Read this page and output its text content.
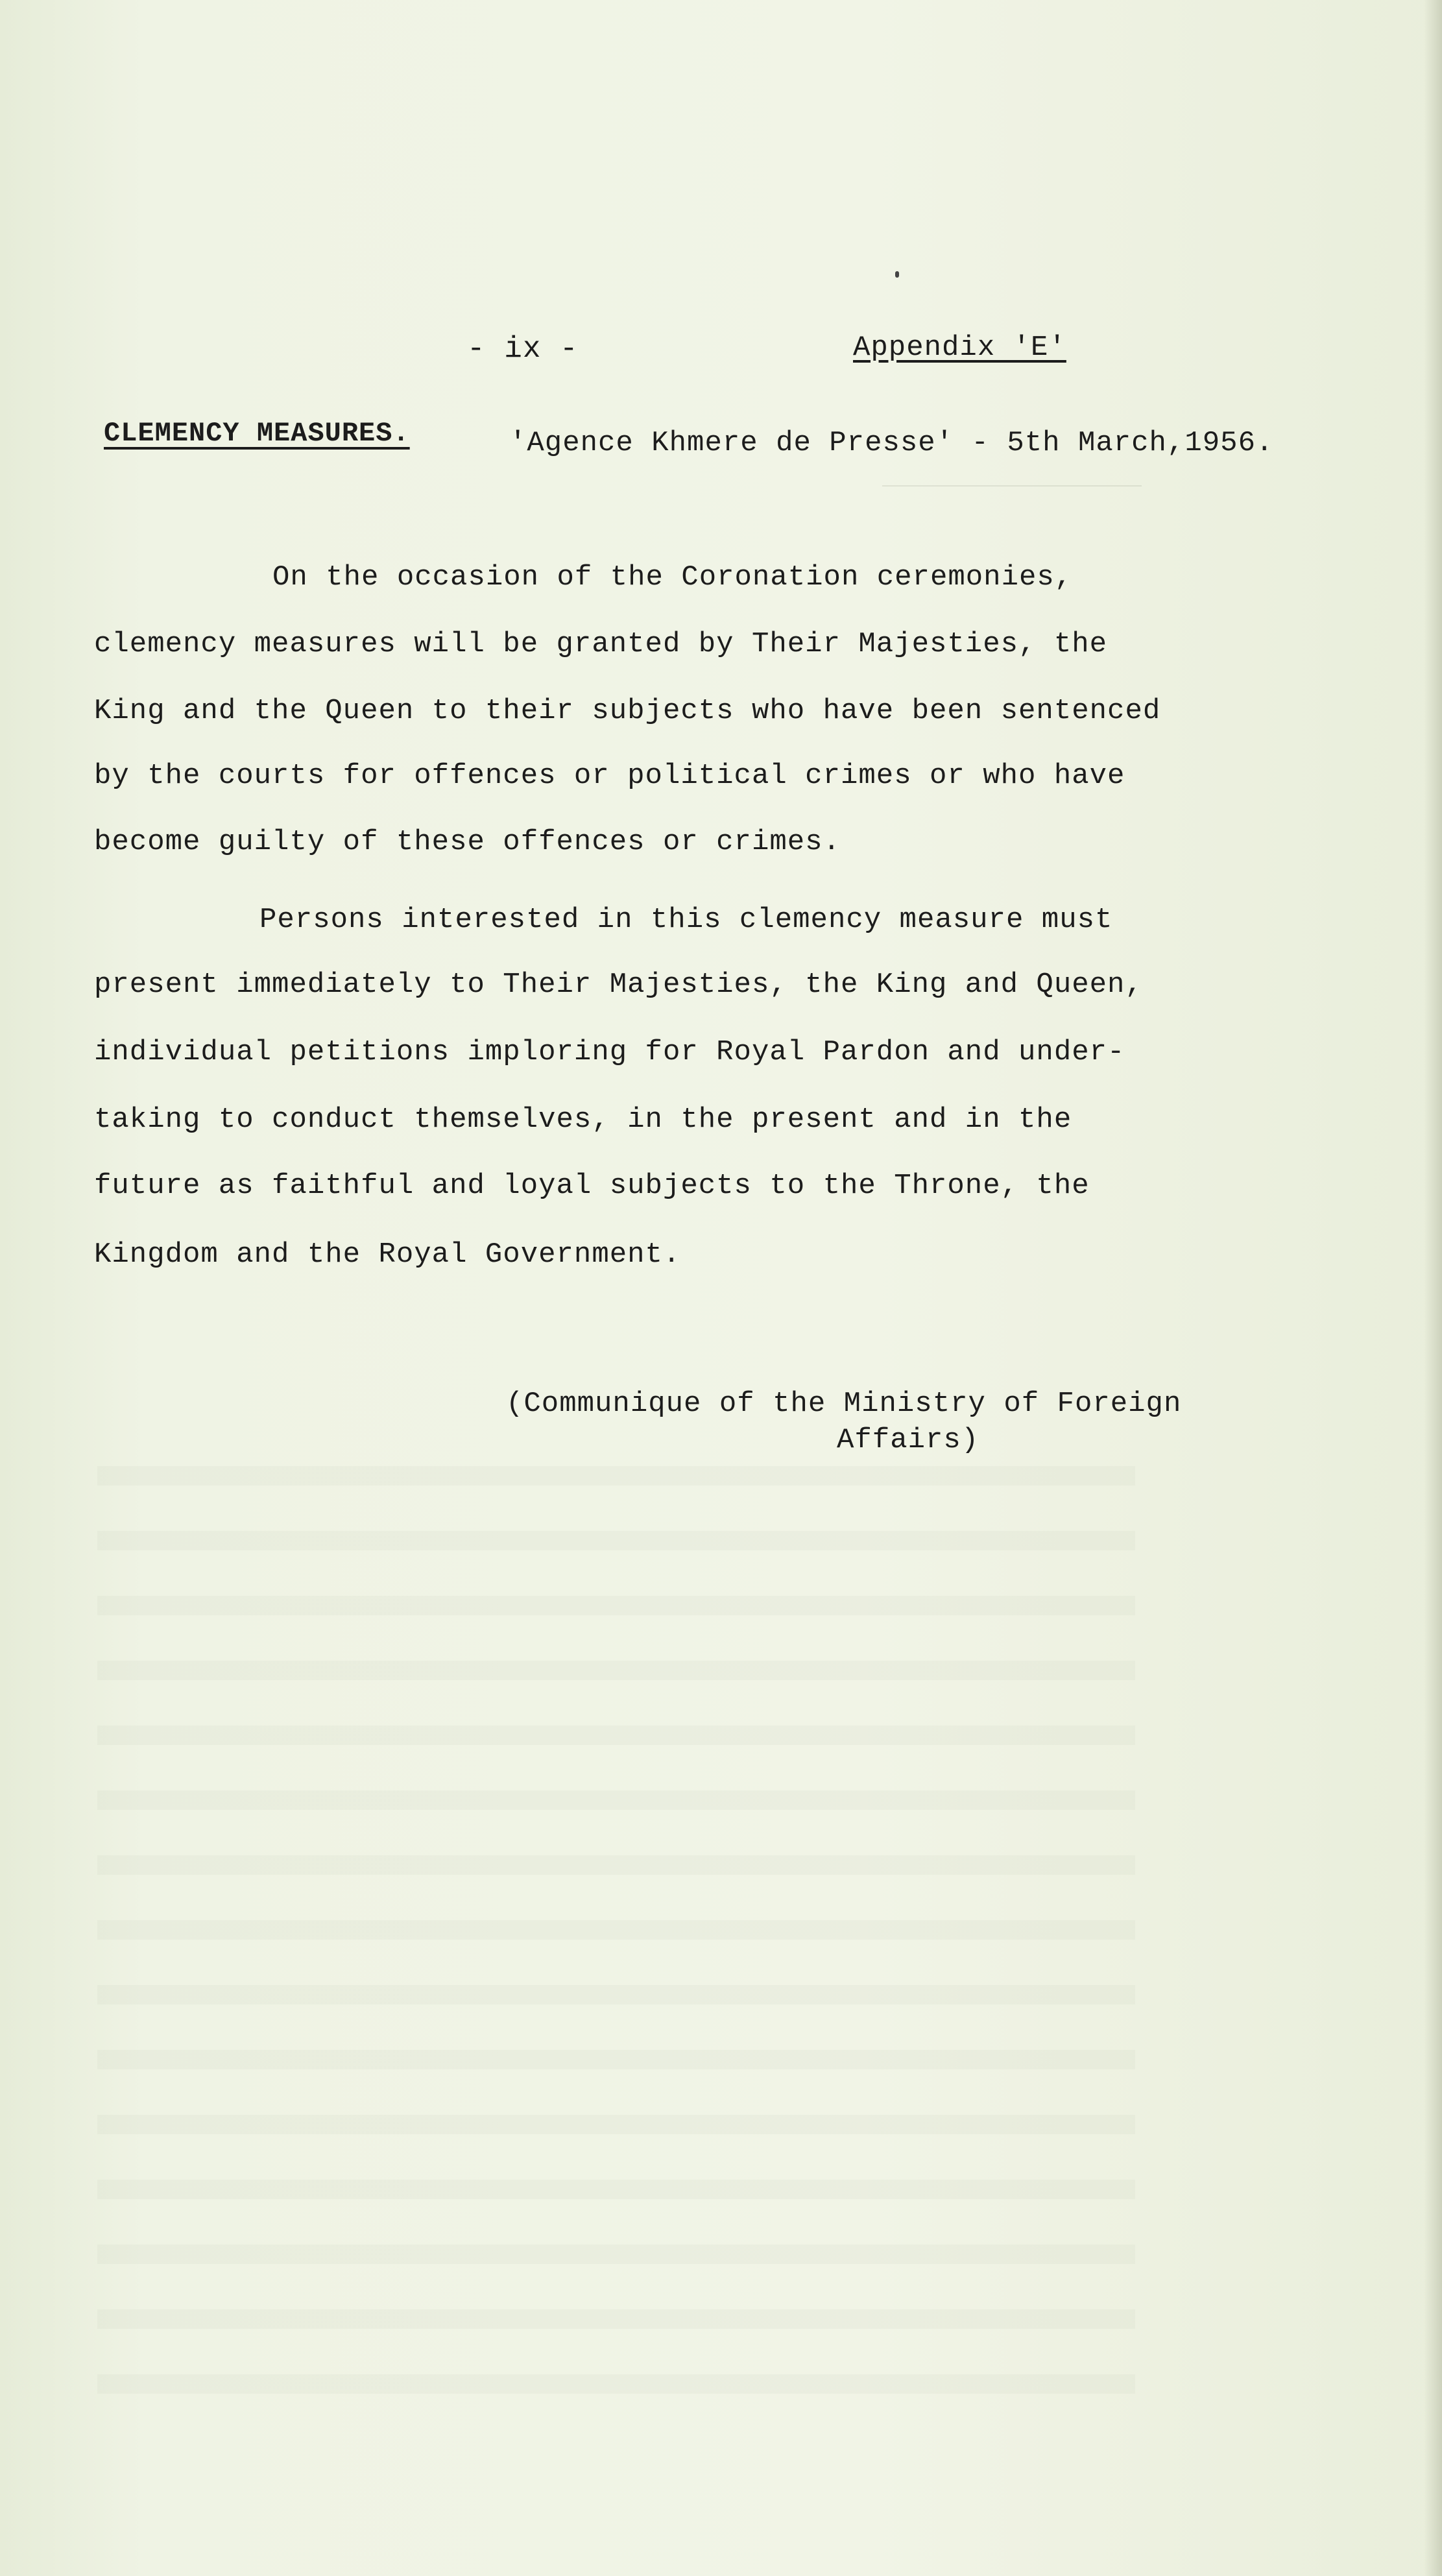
- ix -	Appendix 'E'
CLEMENCY MEASURES.	'Agence Khmere de Presse' - 5th March,1956.
On the occasion of the Coronation ceremonies,
clemency measures will be granted by Their Majesties, the
King and the Queen to their subjects who have been sentenced
by the courts for offences or political crimes or who have
become guilty of these offences or crimes.
Persons interested in this clemency measure must
present immediately to Their Majesties, the King and Queen,
individual petitions imploring for Royal Pardon and under-
taking to conduct themselves, in the present and in the
future as faithful and loyal subjects to the Throne, the
Kingdom and the Royal Government.
(Communique of the Ministry of Foreign
Affairs)
